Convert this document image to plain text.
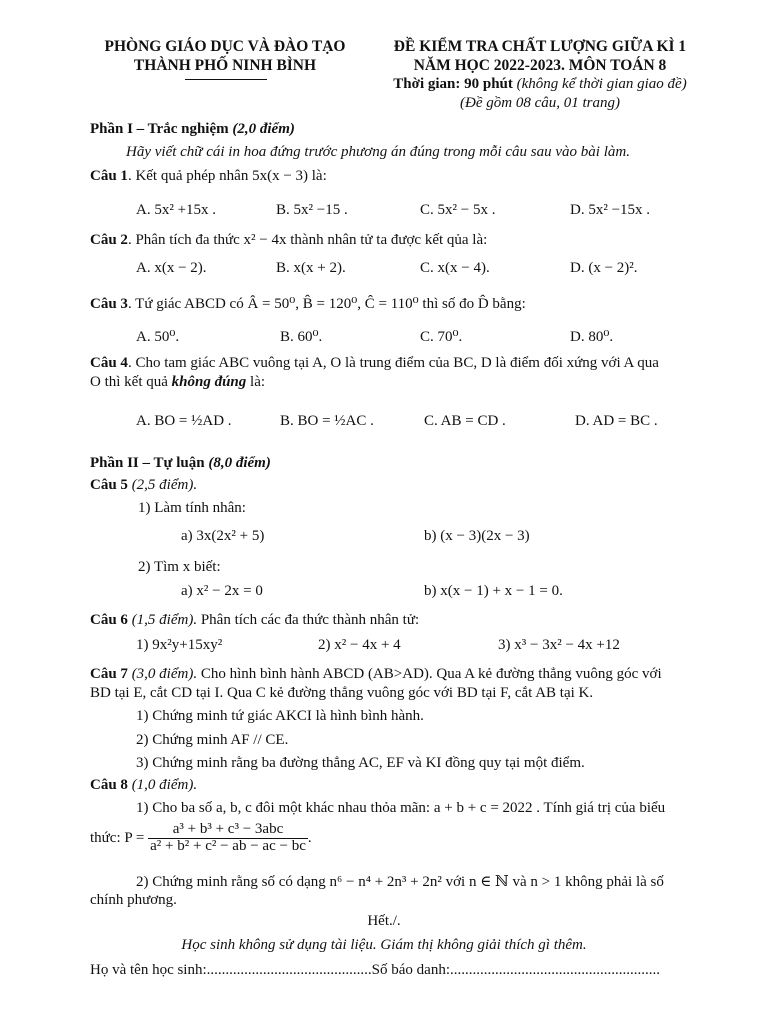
PHÒNG GIÁO DỤC VÀ ĐÀO TẠO
THÀNH PHỐ NINH BÌNH
ĐỀ KIỂM TRA CHẤT LƯỢNG GIỮA KÌ 1
NĂM HỌC 2022-2023. MÔN TOÁN 8
Thời gian: 90 phút (không kể thời gian giao đề)
(Đề gồm 08 câu, 01 trang)
Phần I – Trắc nghiệm (2,0 điểm)
Hãy viết chữ cái in hoa đứng trước phương án đúng trong mỗi câu sau vào bài làm.
Câu 1. Kết quả phép nhân 5x(x − 3) là:
A. 5x² +15x .	B. 5x² −15 .	C. 5x² − 5x .	D. 5x² −15x .
Câu 2. Phân tích đa thức x² − 4x thành nhân tử ta được kết qủa là:
A. x(x − 2).	B. x(x + 2).	C. x(x − 4).	D. (x − 2)².
Câu 3. Tứ giác ABCD có Â = 50⁰, B̂ = 120⁰, Ĉ = 110⁰ thì số đo D̂ bằng:
A. 50⁰.	B. 60⁰.	C. 70⁰.	D. 80⁰.
Câu 4. Cho tam giác ABC vuông tại A, O là trung điểm của BC, D là điểm đối xứng với A qua
O thì kết quả không đúng là:
A. BO = ½AD .	B. BO = ½AC .	C. AB = CD .	D. AD = BC .
Phần II – Tự luận (8,0 điểm)
Câu 5 (2,5 điểm).
1) Làm tính nhân:
a) 3x(2x² + 5)	b) (x − 3)(2x − 3)
2) Tìm x biết:
a) x² − 2x = 0	b) x(x − 1) + x − 1 = 0.
Câu 6 (1,5 điểm). Phân tích các đa thức thành nhân tử:
1) 9x²y+15xy²	2) x² − 4x + 4	3) x³ − 3x² − 4x +12
Câu 7 (3,0 điểm). Cho hình bình hành ABCD (AB>AD). Qua A kẻ đường thẳng vuông góc với
BD tại E, cắt CD tại I. Qua C kẻ đường thẳng vuông góc với BD tại F, cắt AB tại K.
1) Chứng minh tứ giác AKCI là hình bình hành.
2) Chứng minh AF // CE.
3) Chứng minh rằng ba đường thẳng AC, EF và KI đồng quy tại một điểm.
Câu 8 (1,0 điểm).
1) Cho ba số a, b, c đôi một khác nhau thỏa mãn: a + b + c = 2022 . Tính giá trị của biểu
thức: $P = \frac{\text{a³ + b³ + c³ − 3abc}}{\text{a² + b² + c² − ab − ac − bc}}$ .
2) Chứng minh rằng số có dạng n⁶ − n⁴ + 2n³ + 2n² với n ∈ ℕ và n > 1 không phải là số
chính phương.
Hết./.
Học sinh không sử dụng tài liệu. Giám thị không giải thích gì thêm.
Họ và tên học sinh:............................................Số báo danh:........................................................
